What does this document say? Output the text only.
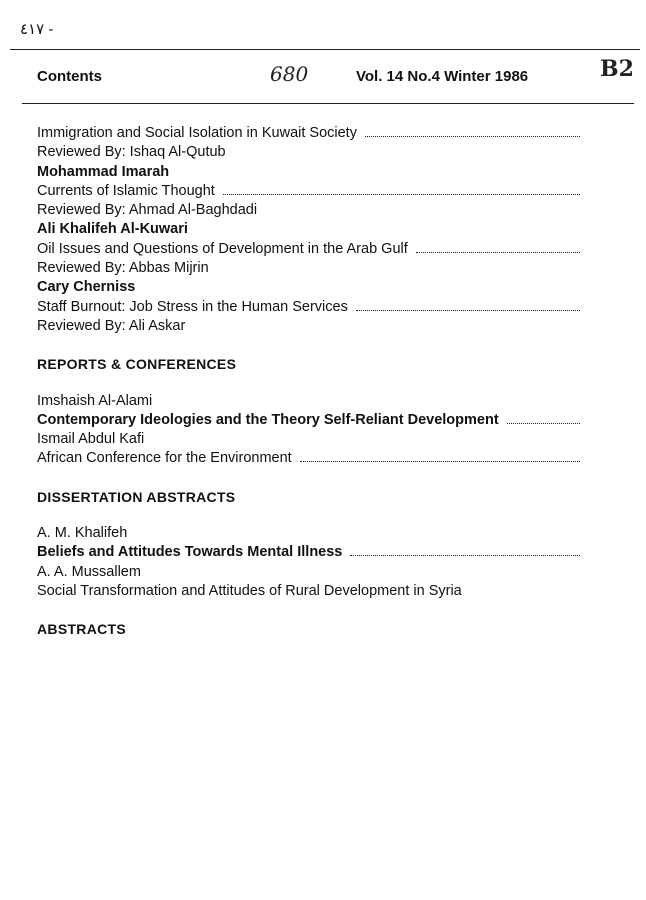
٤١٧ -
Contents	680	Vol. 14 No.4 Winter 1986	B2
Immigration and Social Isolation in Kuwait Society
Reviewed By: Ishaq Al-Qutub
Mohammad Imarah
Currents of Islamic Thought
Reviewed By: Ahmad Al-Baghdadi
Ali Khalifeh Al-Kuwari
Oil Issues and Questions of Development in the Arab Gulf
Reviewed By: Abbas Mijrin
Cary Cherniss
Staff Burnout: Job Stress in the Human Services
Reviewed By: Ali Askar
REPORTS & CONFERENCES
Imshaish Al-Alami
Contemporary Ideologies and the Theory Self-Reliant Development
Ismail Abdul Kafi
African Conference for the Environment
DISSERTATION ABSTRACTS
A. M. Khalifeh
Beliefs and Attitudes Towards Mental Illness
A. A. Mussallem
Social Transformation and Attitudes of Rural Development in Syria
ABSTRACTS
